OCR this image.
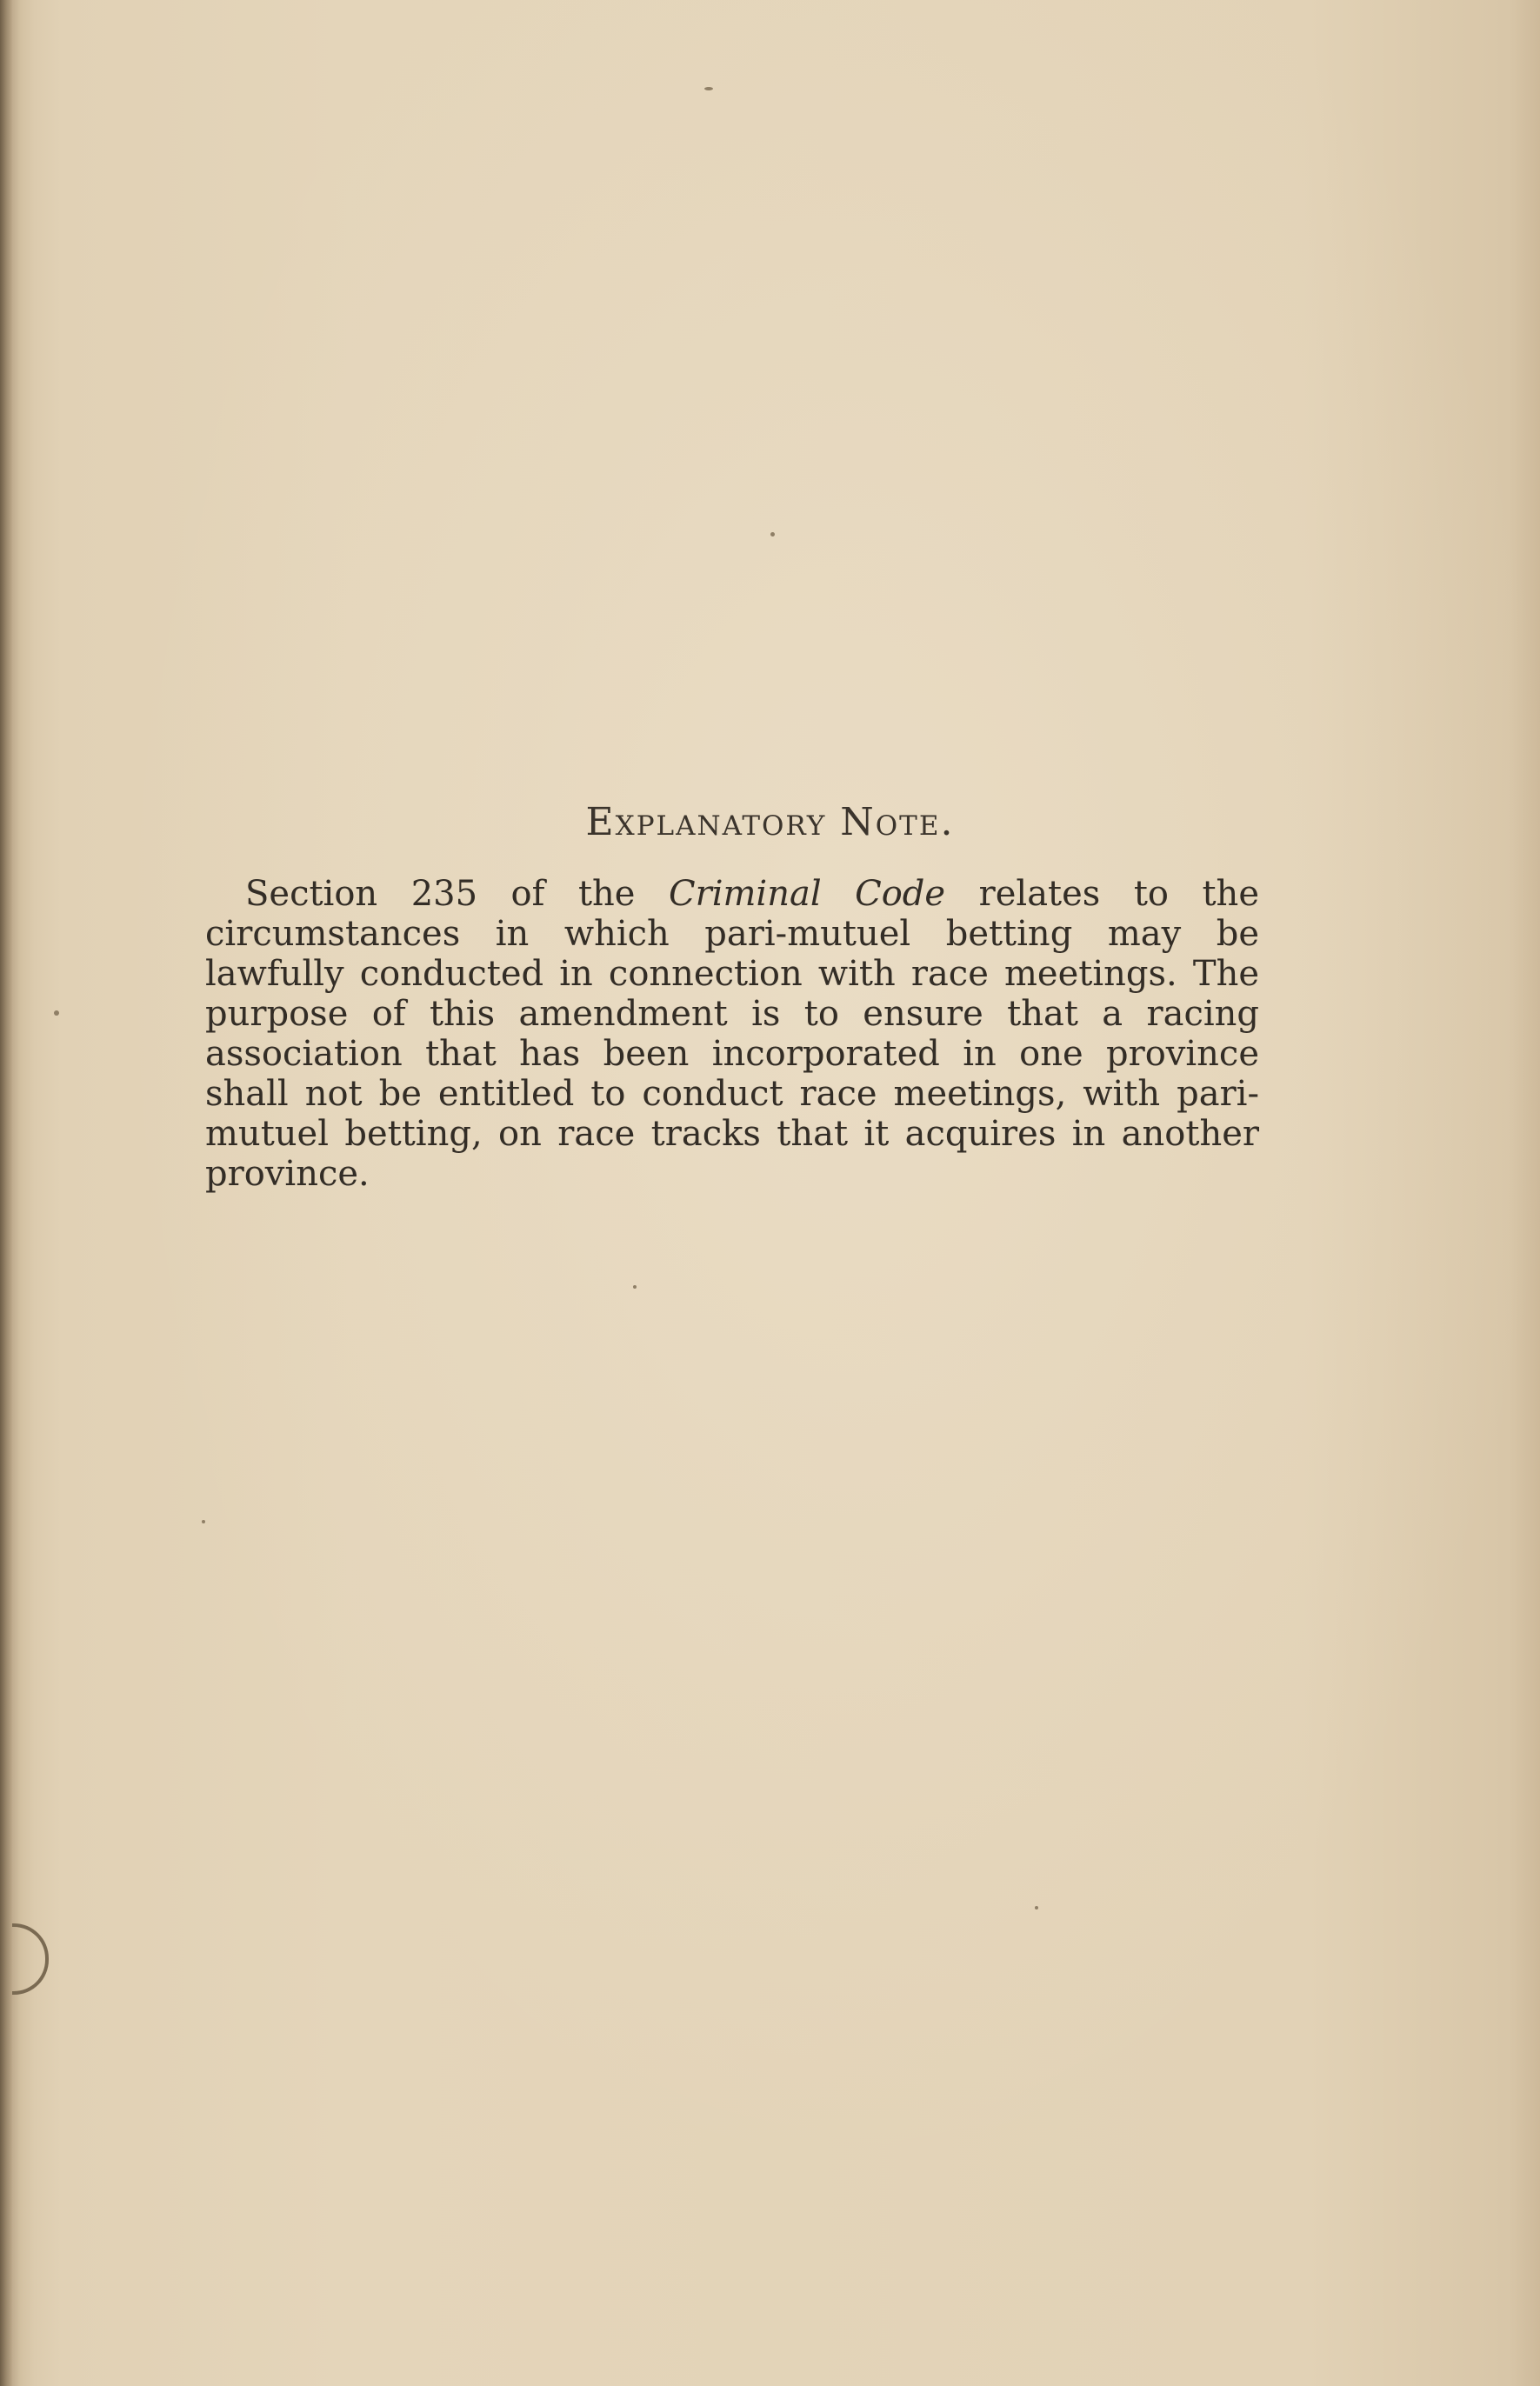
Explanatory Note.

Section 235 of the Criminal Code relates to the circumstances in which pari-mutuel betting may be lawfully conducted in connection with race meetings. The purpose of this amendment is to ensure that a racing association that has been incorporated in one province shall not be entitled to conduct race meetings, with pari-mutuel betting, on race tracks that it acquires in another province.
